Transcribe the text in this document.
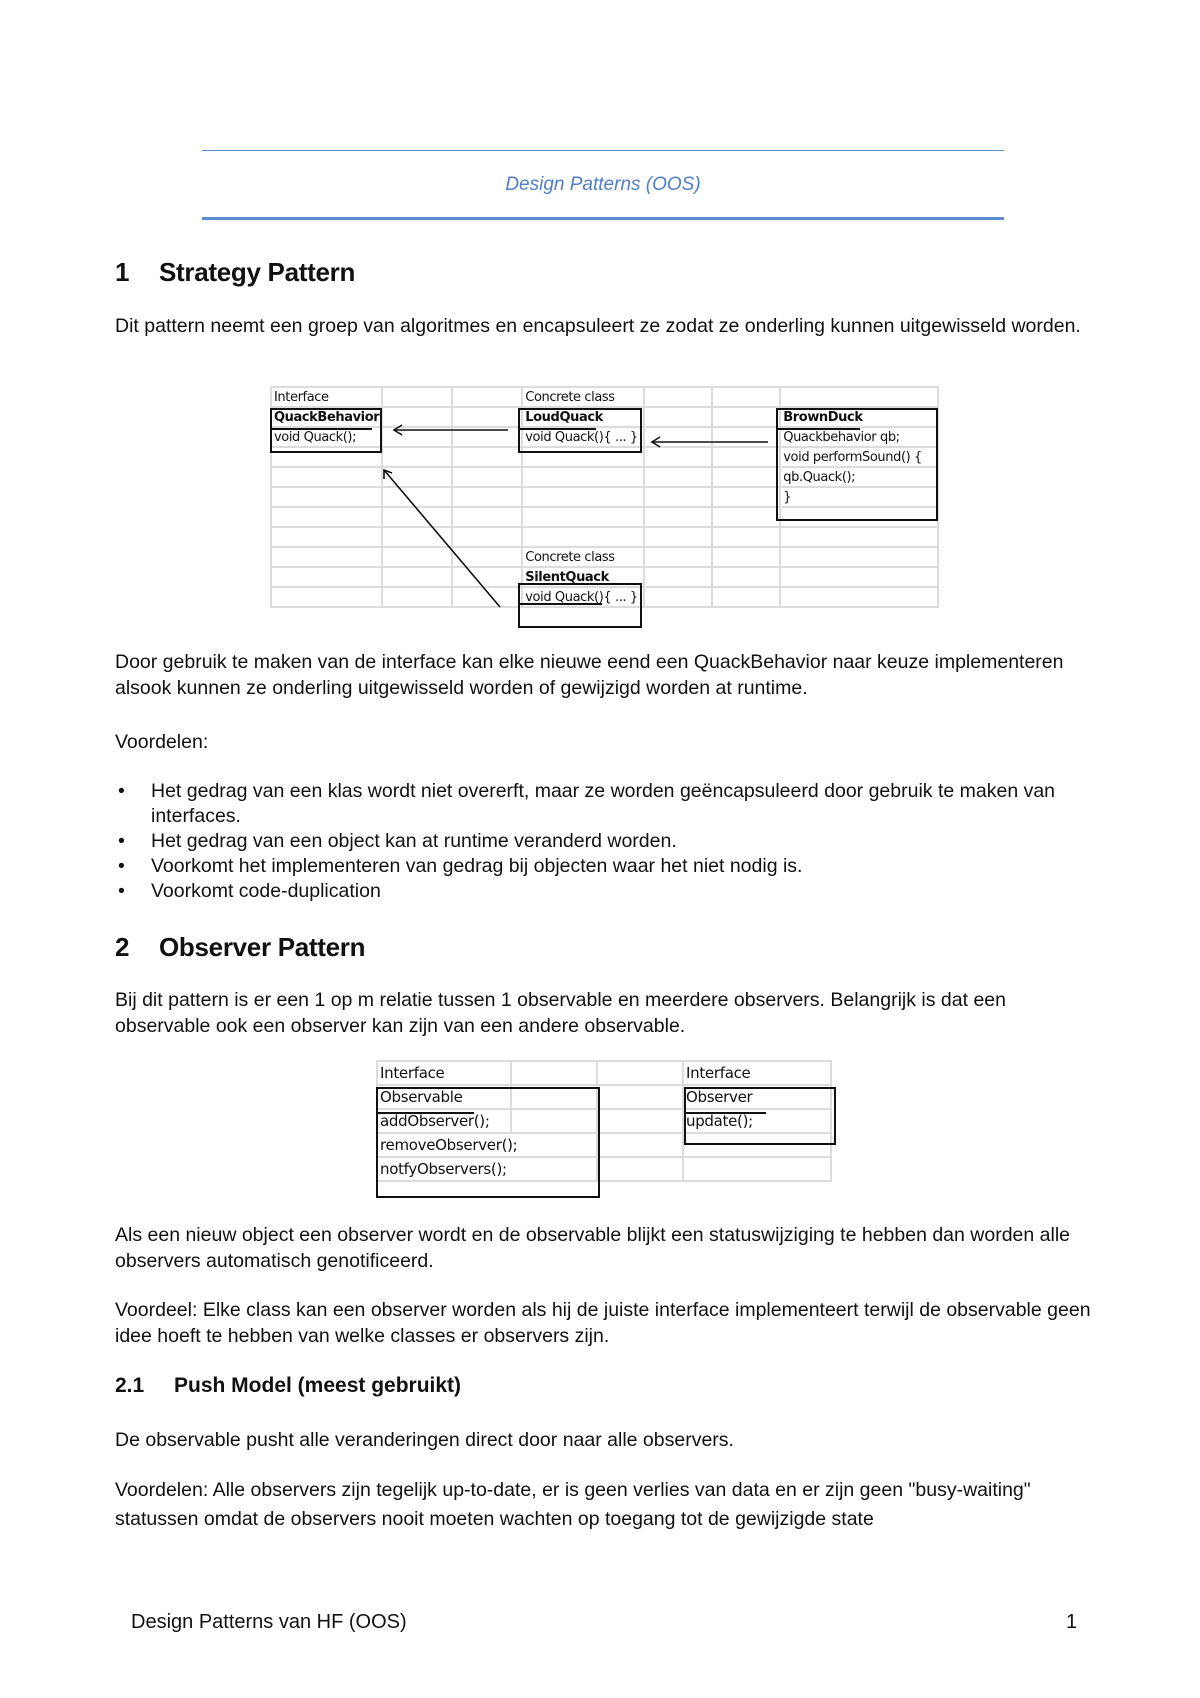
Design Patterns (OOS)
1 Strategy Pattern
Dit pattern neemt een groep van algoritmes en encapsuleert ze zodat ze onderling kunnen uitgewisseld worden.
Interface			Concrete class			
QuackBehavior			LoudQuack			BrownDuck
void Quack();			void Quack(){ ... }			Quackbehavior qb;
						void performSound() {
						qb.Quack();
						}

			Concrete class			
			SilentQuack			
			void Quack(){ ... }			
Door gebruik te maken van de interface kan elke nieuwe eend een QuackBehavior naar keuze implementeren alsook kunnen ze onderling uitgewisseld worden of gewijzigd worden at runtime.
Voordelen:
• Het gedrag van een klas wordt niet overerft, maar ze worden geëncapsuleerd door gebruik te maken van interfaces.
• Het gedrag van een object kan at runtime veranderd worden.
• Voorkomt het implementeren van gedrag bij objecten waar het niet nodig is.
• Voorkomt code-duplication
2 Observer Pattern
Bij dit pattern is er een 1 op m relatie tussen 1 observable en meerdere observers. Belangrijk is dat een observable ook een observer kan zijn van een andere observable.
Interface			Interface
Observable			Observer
addObserver();			update();
removeObserver();			
notfyObservers();			
Als een nieuw object een observer wordt en de observable blijkt een statuswijziging te hebben dan worden alle observers automatisch genotificeerd.
Voordeel: Elke class kan een observer worden als hij de juiste interface implementeert terwijl de observable geen idee hoeft te hebben van welke classes er observers zijn.
2.1 Push Model (meest gebruikt)
De observable pusht alle veranderingen direct door naar alle observers.
Voordelen: Alle observers zijn tegelijk up-to-date, er is geen verlies van data en er zijn geen "busy-waiting" statussen omdat de observers nooit moeten wachten op toegang tot de gewijzigde state
Design Patterns van HF (OOS)	1
